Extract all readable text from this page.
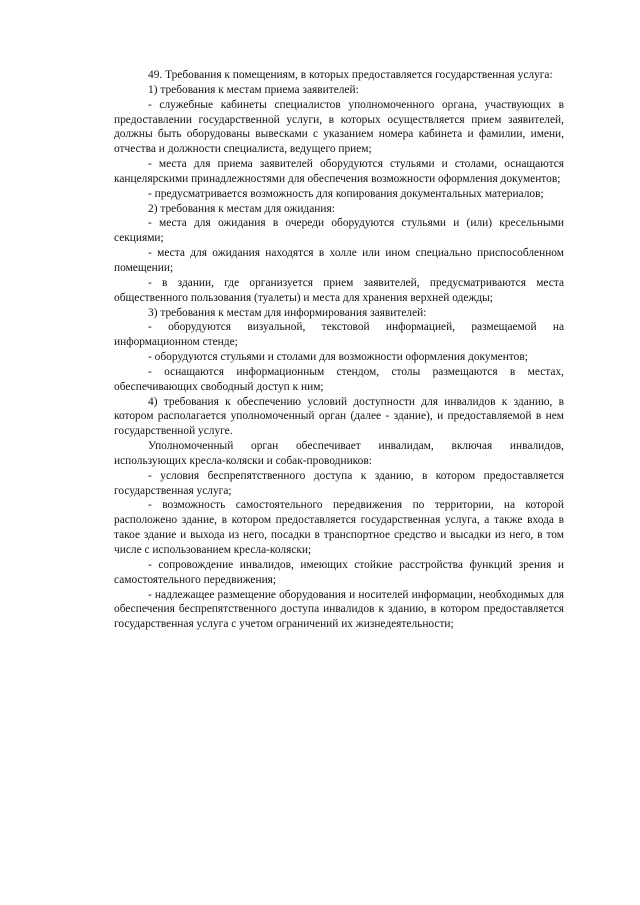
49. Требования к помещениям, в которых предоставляется государственная услуга:

1) требования к местам приема заявителей:

- служебные кабинеты специалистов уполномоченного органа, участвующих в предоставлении государственной услуги, в которых осуществляется прием заявителей, должны быть оборудованы вывесками с указанием номера кабинета и фамилии, имени, отчества и должности специалиста, ведущего прием;

- места для приема заявителей оборудуются стульями и столами, оснащаются канцелярскими принадлежностями для обеспечения возможности оформления документов;

- предусматривается возможность для копирования документальных материалов;

2) требования к местам для ожидания:

- места для ожидания в очереди оборудуются стульями и (или) кресельными секциями;

- места для ожидания находятся в холле или ином специально приспособленном помещении;

- в здании, где организуется прием заявителей, предусматриваются места общественного пользования (туалеты) и места для хранения верхней одежды;

3) требования к местам для информирования заявителей:

- оборудуются визуальной, текстовой информацией, размещаемой на информационном стенде;

- оборудуются стульями и столами для возможности оформления документов;

- оснащаются информационным стендом, столы размещаются в местах, обеспечивающих свободный доступ к ним;

4) требования к обеспечению условий доступности для инвалидов к зданию, в котором располагается уполномоченный орган (далее - здание), и предоставляемой в нем государственной услуге.

Уполномоченный орган обеспечивает инвалидам, включая инвалидов, использующих кресла-коляски и собак-проводников:

- условия беспрепятственного доступа к зданию, в котором предоставляется государственная услуга;

- возможность самостоятельного передвижения по территории, на которой расположено здание, в котором предоставляется государственная услуга, а также входа в такое здание и выхода из него, посадки в транспортное средство и высадки из него, в том числе с использованием кресла-коляски;

- сопровождение инвалидов, имеющих стойкие расстройства функций зрения и самостоятельного передвижения;

- надлежащее размещение оборудования и носителей информации, необходимых для обеспечения беспрепятственного доступа инвалидов к зданию, в котором предоставляется государственная услуга с учетом ограничений их жизнедеятельности;
